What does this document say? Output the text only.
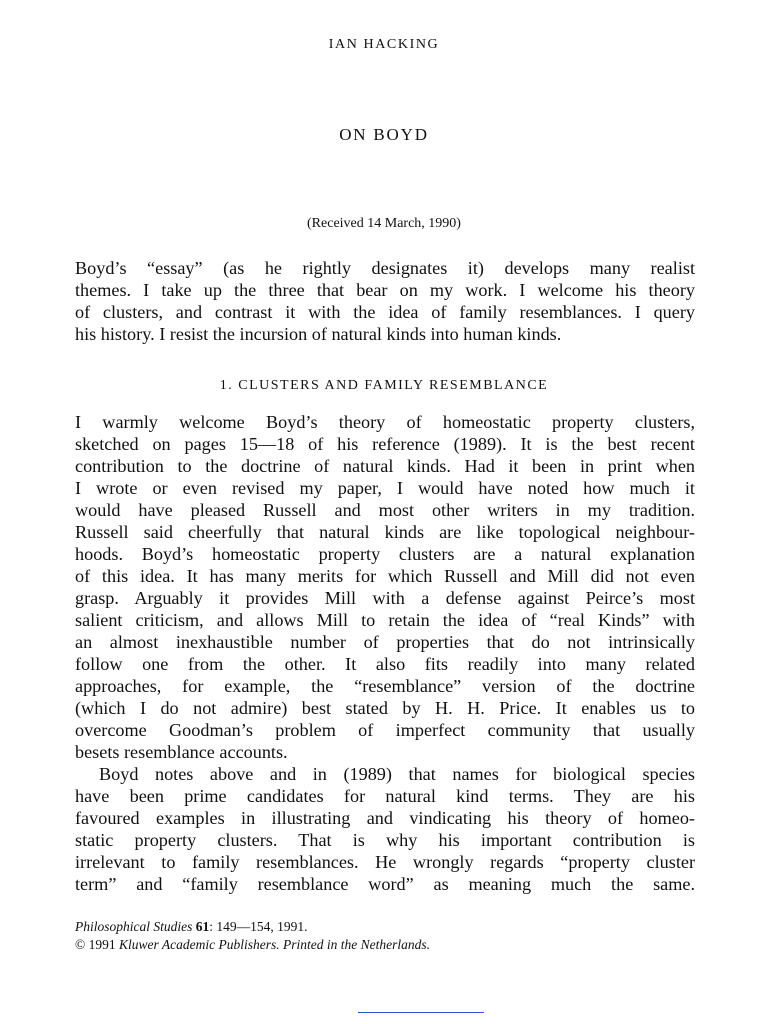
IAN HACKING
ON BOYD
(Received 14 March, 1990)
Boyd’s “essay” (as he rightly designates it) develops many realist
themes. I take up the three that bear on my work. I welcome his theory
of clusters, and contrast it with the idea of family resemblances. I query
his history. I resist the incursion of natural kinds into human kinds.
1. CLUSTERS AND FAMILY RESEMBLANCE
I warmly welcome Boyd’s theory of homeostatic property clusters,
sketched on pages 15—18 of his reference (1989). It is the best recent
contribution to the doctrine of natural kinds. Had it been in print when
I wrote or even revised my paper, I would have noted how much it
would have pleased Russell and most other writers in my tradition.
Russell said cheerfully that natural kinds are like topological neighbour-
hoods. Boyd’s homeostatic property clusters are a natural explanation
of this idea. It has many merits for which Russell and Mill did not even
grasp. Arguably it provides Mill with a defense against Peirce’s most
salient criticism, and allows Mill to retain the idea of “real Kinds” with
an almost inexhaustible number of properties that do not intrinsically
follow one from the other. It also fits readily into many related
approaches, for example, the “resemblance” version of the doctrine
(which I do not admire) best stated by H. H. Price. It enables us to
overcome Goodman’s problem of imperfect community that usually
besets resemblance accounts.
Boyd notes above and in (1989) that names for biological species
have been prime candidates for natural kind terms. They are his
favoured examples in illustrating and vindicating his theory of homeo-
static property clusters. That is why his important contribution is
irrelevant to family resemblances. He wrongly regards “property cluster
term” and “family resemblance word” as meaning much the same.
Philosophical Studies 61: 149—154, 1991.
© 1991 Kluwer Academic Publishers. Printed in the Netherlands.
